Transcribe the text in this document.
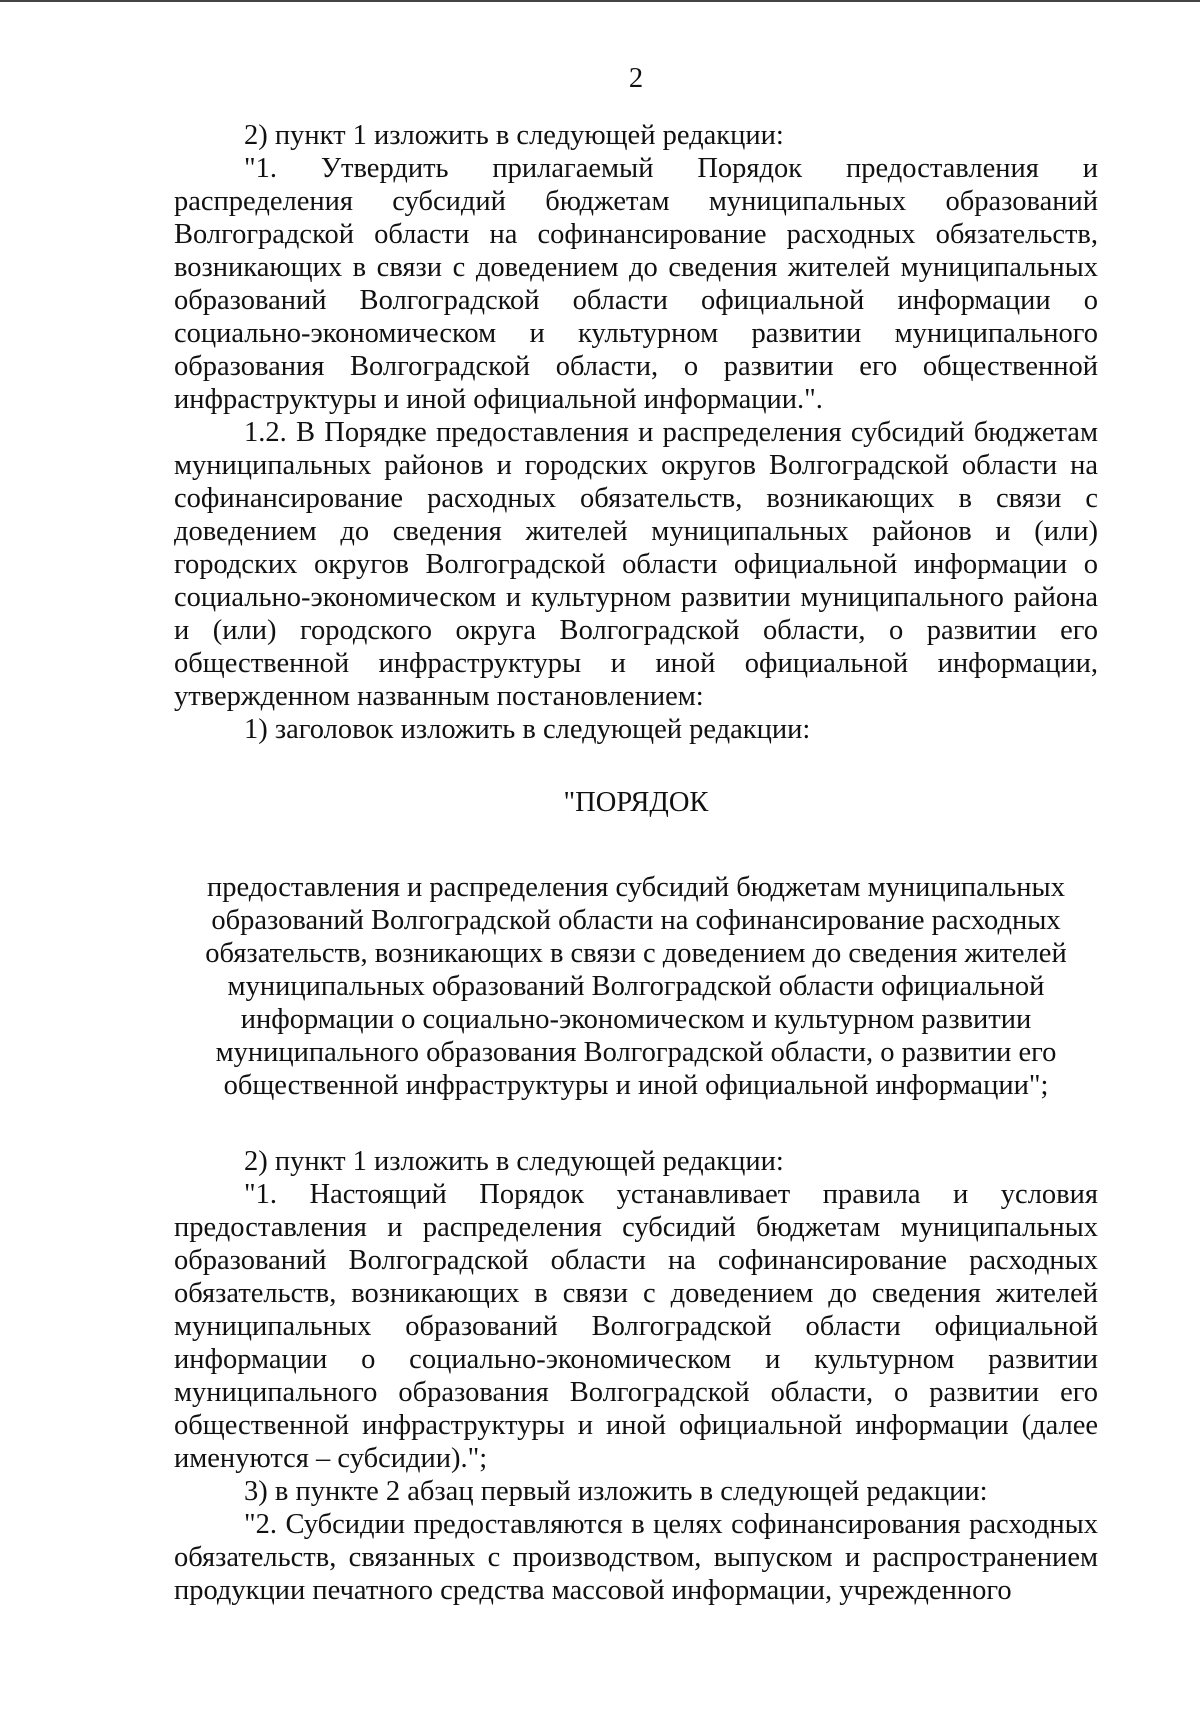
2

2) пункт 1 изложить в следующей редакции:

"1. Утвердить прилагаемый Порядок предоставления и распределения субсидий бюджетам муниципальных образований Волгоградской области на софинансирование расходных обязательств, возникающих в связи с доведением до сведения жителей муниципальных образований Волгоградской области официальной информации о социально-экономическом и культурном развитии муниципального образования Волгоградской области, о развитии его общественной инфраструктуры и иной официальной информации.".

1.2. В Порядке предоставления и распределения субсидий бюджетам муниципальных районов и городских округов Волгоградской области на софинансирование расходных обязательств, возникающих в связи с доведением до сведения жителей муниципальных районов и (или) городских округов Волгоградской области официальной информации о социально-экономическом и культурном развитии муниципального района и (или) городского округа Волгоградской области, о развитии его общественной инфраструктуры и иной официальной информации, утвержденном названным постановлением:

1) заголовок изложить в следующей редакции:

"ПОРЯДОК

предоставления и распределения субсидий бюджетам муниципальных образований Волгоградской области на софинансирование расходных обязательств, возникающих в связи с доведением до сведения жителей муниципальных образований Волгоградской области официальной информации о социально-экономическом и культурном развитии муниципального образования Волгоградской области, о развитии его общественной инфраструктуры и иной официальной информации";

2) пункт 1 изложить в следующей редакции:

"1. Настоящий Порядок устанавливает правила и условия предоставления и распределения субсидий бюджетам муниципальных образований Волгоградской области на софинансирование расходных обязательств, возникающих в связи с доведением до сведения жителей муниципальных образований Волгоградской области официальной информации о социально-экономическом и культурном развитии муниципального образования Волгоградской области, о развитии его общественной инфраструктуры и иной официальной информации (далее именуются – субсидии).";

3) в пункте 2 абзац первый изложить в следующей редакции:

"2. Субсидии предоставляются в целях софинансирования расходных обязательств, связанных с производством, выпуском и распространением продукции печатного средства массовой информации, учрежденного
